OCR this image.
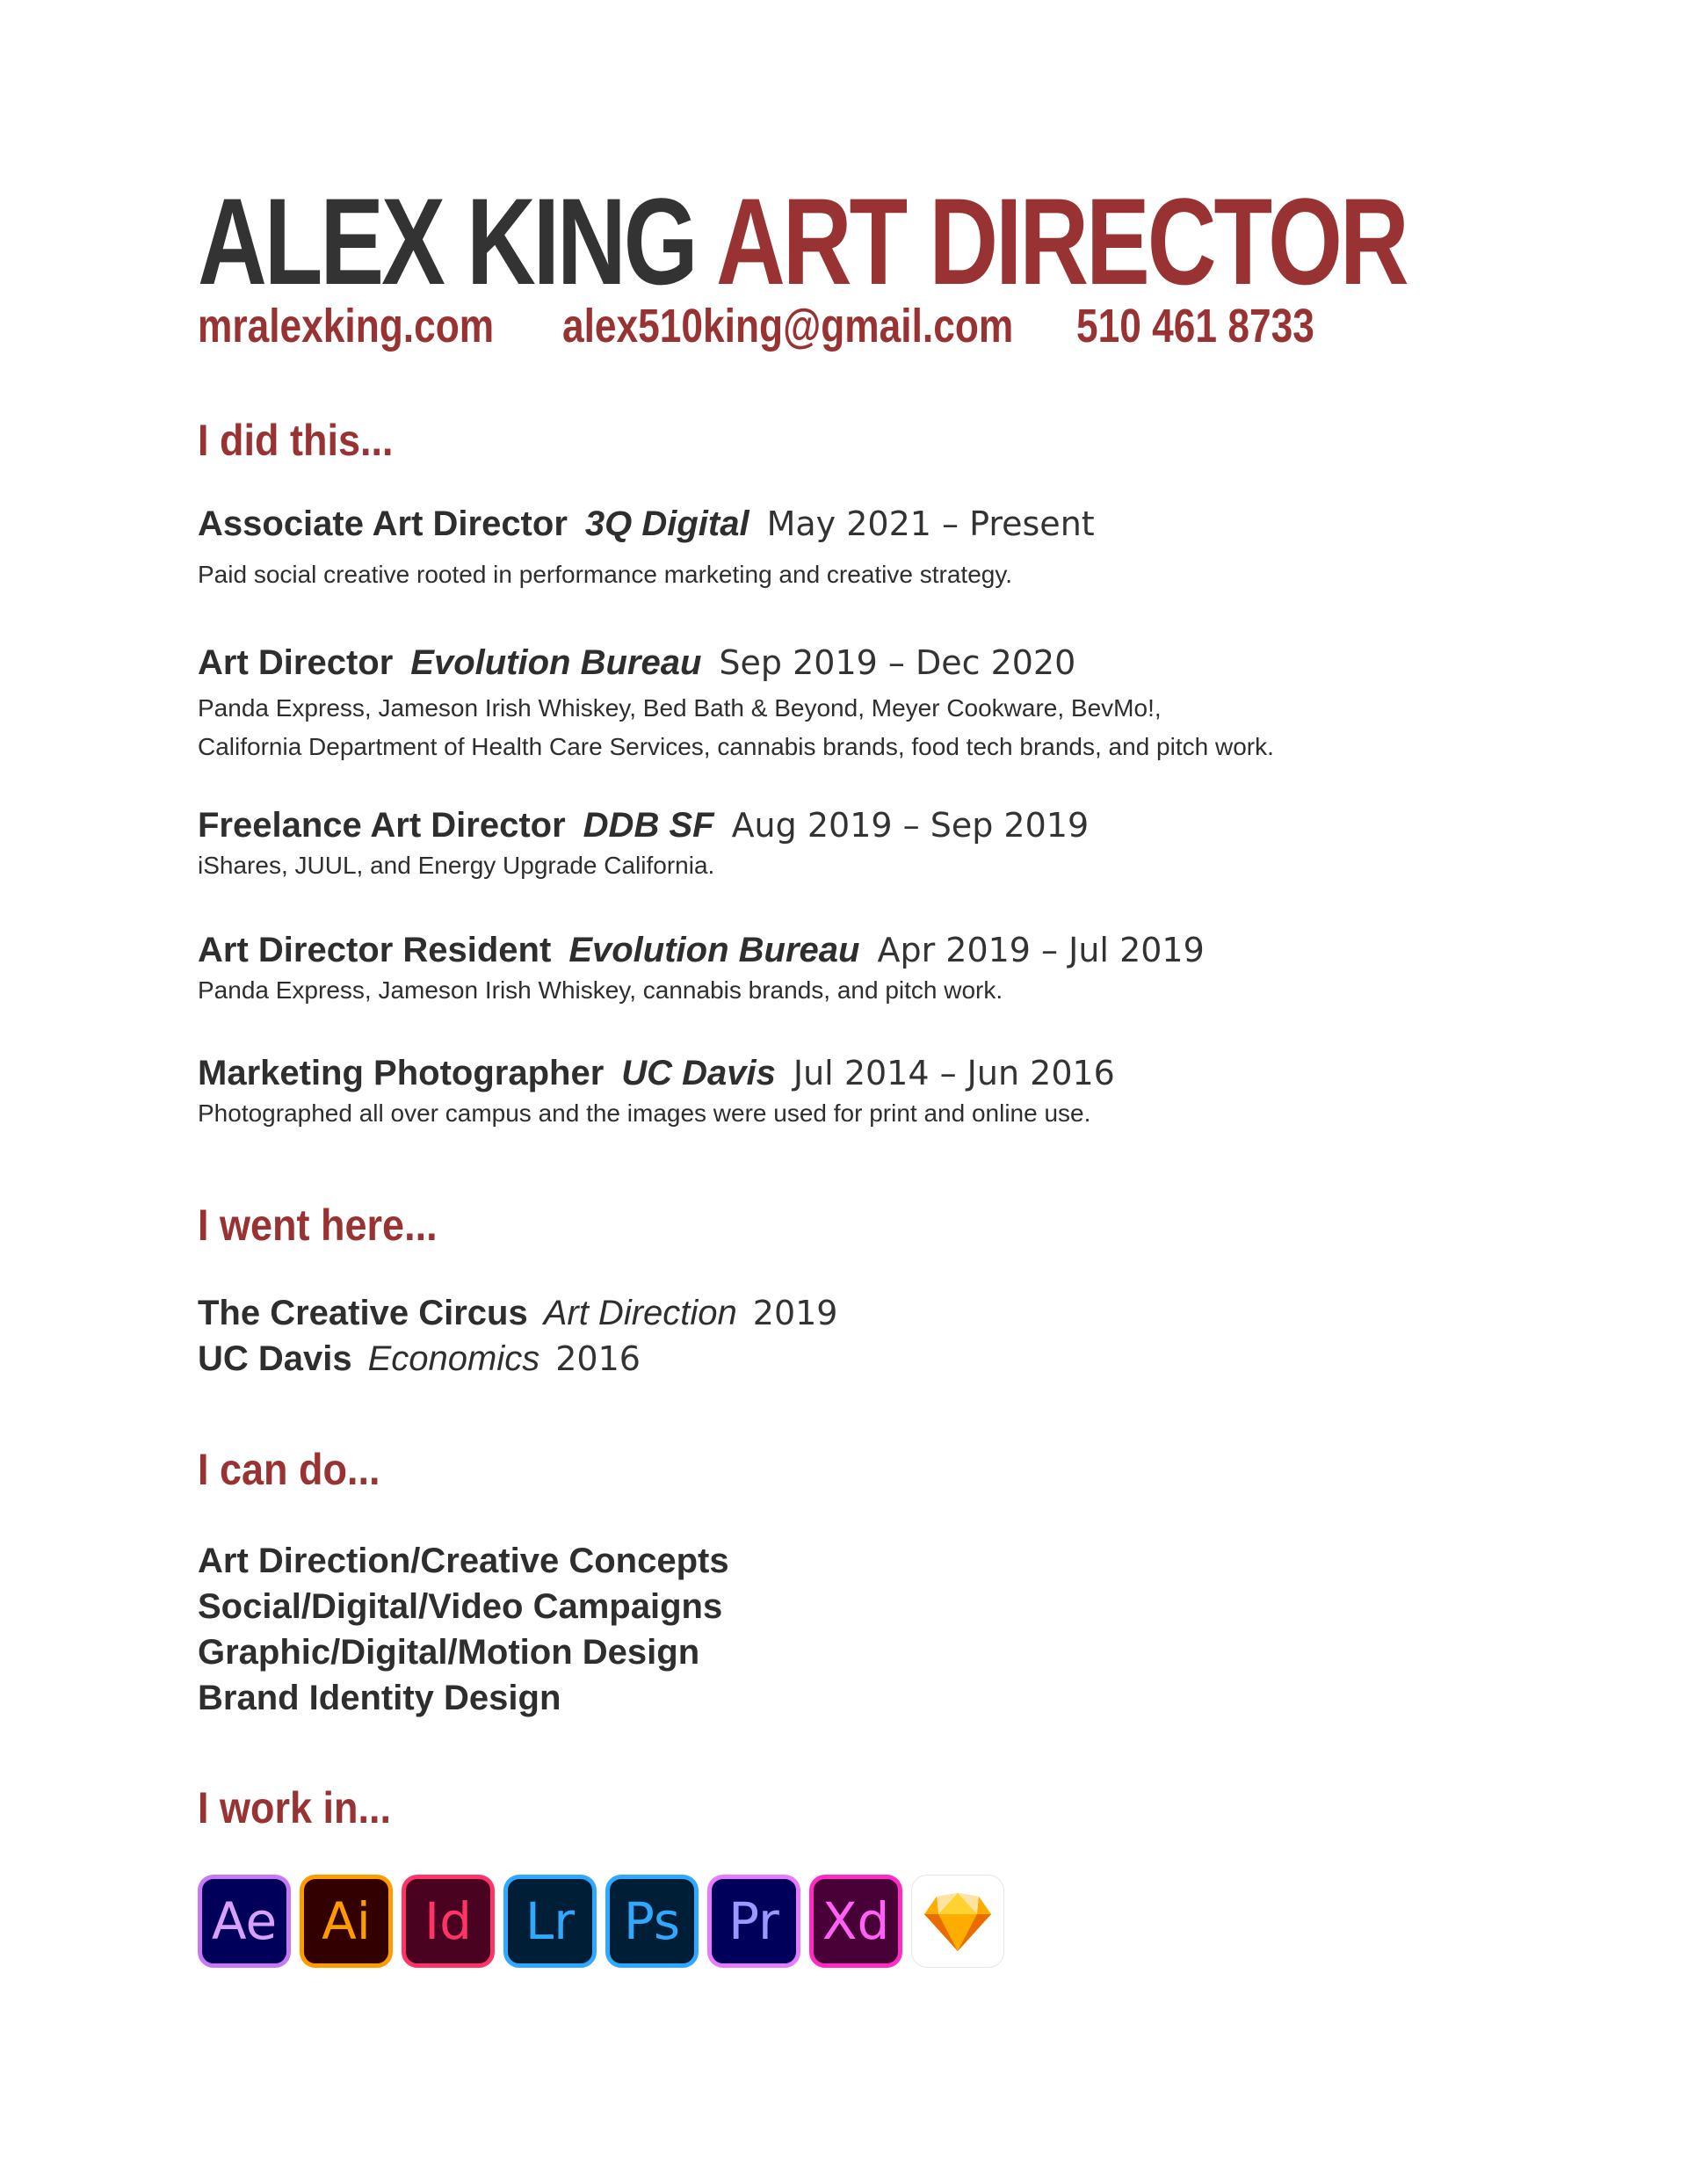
ALEX KING ART DIRECTOR
mralexking.com alex510king@gmail.com 510 461 8733
I did this...
Associate Art Director 3Q Digital May 2021 – Present
Paid social creative rooted in performance marketing and creative strategy.
Art Director Evolution Bureau Sep 2019 – Dec 2020
Panda Express, Jameson Irish Whiskey, Bed Bath & Beyond, Meyer Cookware, BevMo!,
California Department of Health Care Services, cannabis brands, food tech brands, and pitch work.
Freelance Art Director DDB SF Aug 2019 – Sep 2019
iShares, JUUL, and Energy Upgrade California.
Art Director Resident Evolution Bureau Apr 2019 – Jul 2019
Panda Express, Jameson Irish Whiskey, cannabis brands, and pitch work.
Marketing Photographer UC Davis Jul 2014 – Jun 2016
Photographed all over campus and the images were used for print and online use.
I went here...
The Creative Circus Art Direction 2019
UC Davis Economics 2016
I can do...
Art Direction/Creative Concepts
Social/Digital/Video Campaigns
Graphic/Digital/Motion Design
Brand Identity Design
I work in...
Ae Ai	Id	Lr Ps Pr Xd
